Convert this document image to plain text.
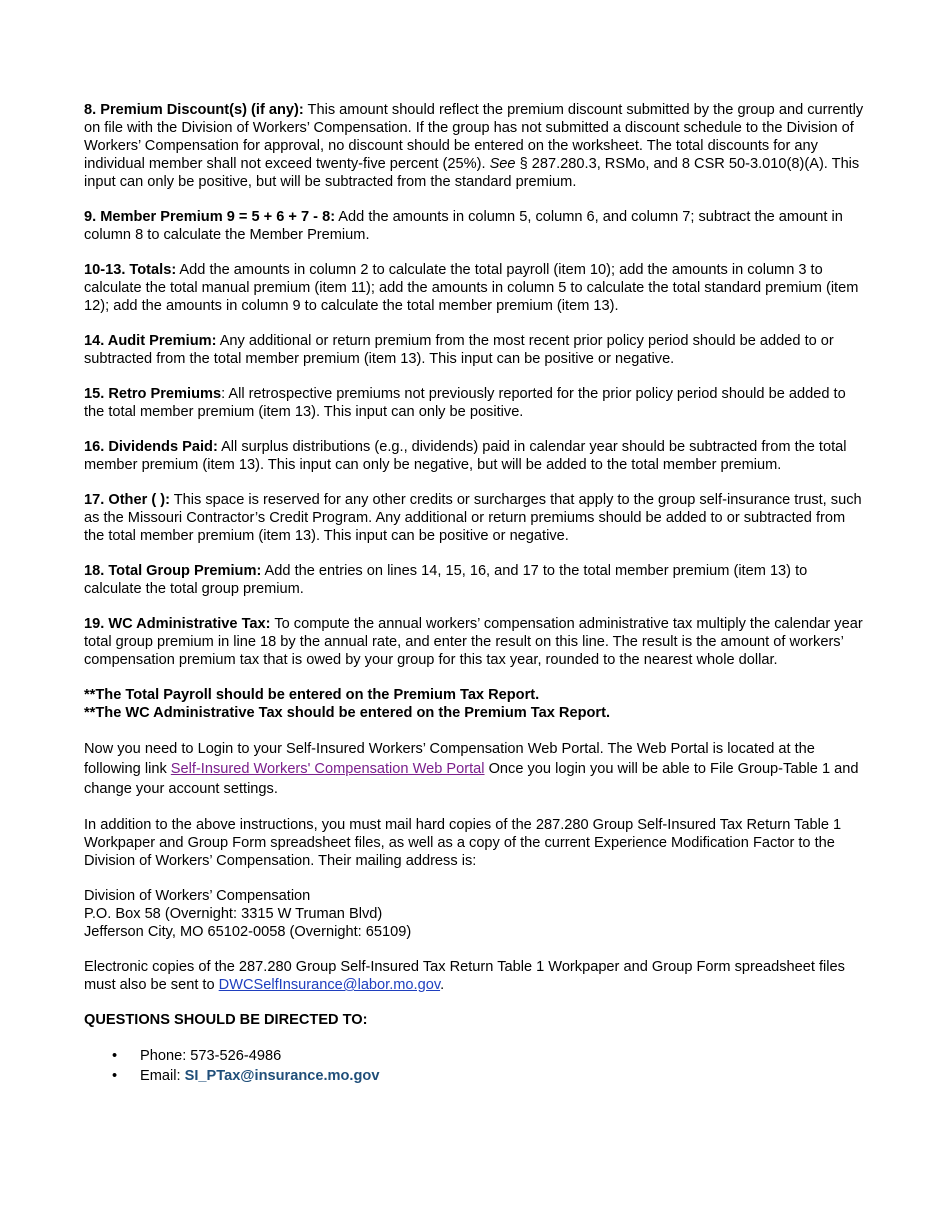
8. Premium Discount(s) (if any): This amount should reflect the premium discount submitted by the group and currently on file with the Division of Workers’ Compensation. If the group has not submitted a discount schedule to the Division of Workers’ Compensation for approval, no discount should be entered on the worksheet. The total discounts for any individual member shall not exceed twenty-five percent (25%). See § 287.280.3, RSMo, and 8 CSR 50-3.010(8)(A). This input can only be positive, but will be subtracted from the standard premium.

9. Member Premium 9 = 5 + 6 + 7 - 8: Add the amounts in column 5, column 6, and column 7; subtract the amount in column 8 to calculate the Member Premium.

10-13. Totals: Add the amounts in column 2 to calculate the total payroll (item 10); add the amounts in column 3 to calculate the total manual premium (item 11); add the amounts in column 5 to calculate the total standard premium (item 12); add the amounts in column 9 to calculate the total member premium (item 13).

14. Audit Premium: Any additional or return premium from the most recent prior policy period should be added to or subtracted from the total member premium (item 13). This input can be positive or negative.

15. Retro Premiums: All retrospective premiums not previously reported for the prior policy period should be added to the total member premium (item 13). This input can only be positive.

16. Dividends Paid: All surplus distributions (e.g., dividends) paid in calendar year should be subtracted from the total member premium (item 13). This input can only be negative, but will be added to the total member premium.

17. Other ( ): This space is reserved for any other credits or surcharges that apply to the group self-insurance trust, such as the Missouri Contractor’s Credit Program. Any additional or return premiums should be added to or subtracted from the total member premium (item 13). This input can be positive or negative.

18. Total Group Premium: Add the entries on lines 14, 15, 16, and 17 to the total member premium (item 13) to calculate the total group premium.

19. WC Administrative Tax: To compute the annual workers’ compensation administrative tax multiply the calendar year total group premium in line 18 by the annual rate, and enter the result on this line. The result is the amount of workers’ compensation premium tax that is owed by your group for this tax year, rounded to the nearest whole dollar.

**The Total Payroll should be entered on the Premium Tax Report.

**The WC Administrative Tax should be entered on the Premium Tax Report.

Now you need to Login to your Self-Insured Workers’ Compensation Web Portal. The Web Portal is located at the following link Self-Insured Workers' Compensation Web Portal Once you login you will be able to File Group-Table 1 and change your account settings.

In addition to the above instructions, you must mail hard copies of the 287.280 Group Self-Insured Tax Return Table 1 Workpaper and Group Form spreadsheet files, as well as a copy of the current Experience Modification Factor to the Division of Workers’ Compensation. Their mailing address is:

Division of Workers’ Compensation

P.O. Box 58 (Overnight: 3315 W Truman Blvd)

Jefferson City, MO 65102-0058 (Overnight: 65109)

Electronic copies of the 287.280 Group Self-Insured Tax Return Table 1 Workpaper and Group Form spreadsheet files must also be sent to DWCSelfInsurance@labor.mo.gov.

QUESTIONS SHOULD BE DIRECTED TO:

• Phone: 573-526-4986
• Email: SI_PTax@insurance.mo.gov
